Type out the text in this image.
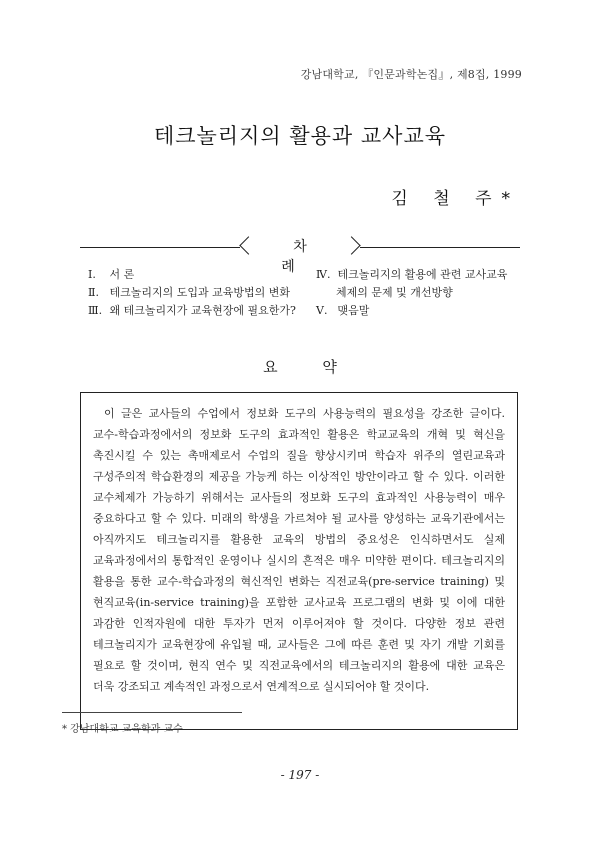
강남대학교, 『인문과학논집』, 제8집, 1999
테크놀리지의 활용과 교사교육
김 철 주*
차 례
Ⅰ. 서 론
Ⅱ. 테크놀리지의 도입과 교육방법의 변화
Ⅲ. 왜 테크놀리지가 교육현장에 필요한가?
Ⅳ. 테크놀리지의 활용에 관련 교사교육
체제의 문제 및 개선방향
Ⅴ. 맺음말
요 약

이 글은 교사들의 수업에서 정보화 도구의 사용능력의 필요성을 강조한 글이다. 교수-학습과정에서의 정보화 도구의 효과적인 활용은 학교교육의 개혁 및 혁신을 촉진시킬 수 있는 촉매제로서 수업의 질을 향상시키며 학습자 위주의 열린교육과 구성주의적 학습환경의 제공을 가능케 하는 이상적인 방안이라고 할 수 있다. 이러한 교수체제가 가능하기 위해서는 교사들의 정보화 도구의 효과적인 사용능력이 매우 중요하다고 할 수 있다. 미래의 학생을 가르쳐야 될 교사를 양성하는 교육기관에서는 아직까지도 테크놀리지를 활용한 교육의 방법의 중요성은 인식하면서도 실제 교육과정에서의 통합적인 운영이나 실시의 흔적은 매우 미약한 편이다. 테크놀리지의 활용을 통한 교수-학습과정의 혁신적인 변화는 직전교육(pre-service training) 및 현직교육(in-service training)을 포함한 교사교육 프로그램의 변화 및 이에 대한 과감한 인적자원에 대한 투자가 먼저 이루어져야 할 것이다. 다양한 정보 관련 테크놀리지가 교육현장에 유입될 때, 교사들은 그에 따른 훈련 및 자기 개발 기회를 필요로 할 것이며, 현직 연수 및 직전교육에서의 테크놀리지의 활용에 대한 교육은 더욱 강조되고 계속적인 과정으로서 연계적으로 실시되어야 할 것이다.

* 강남대학교 교육학과 교수
- 197 -
